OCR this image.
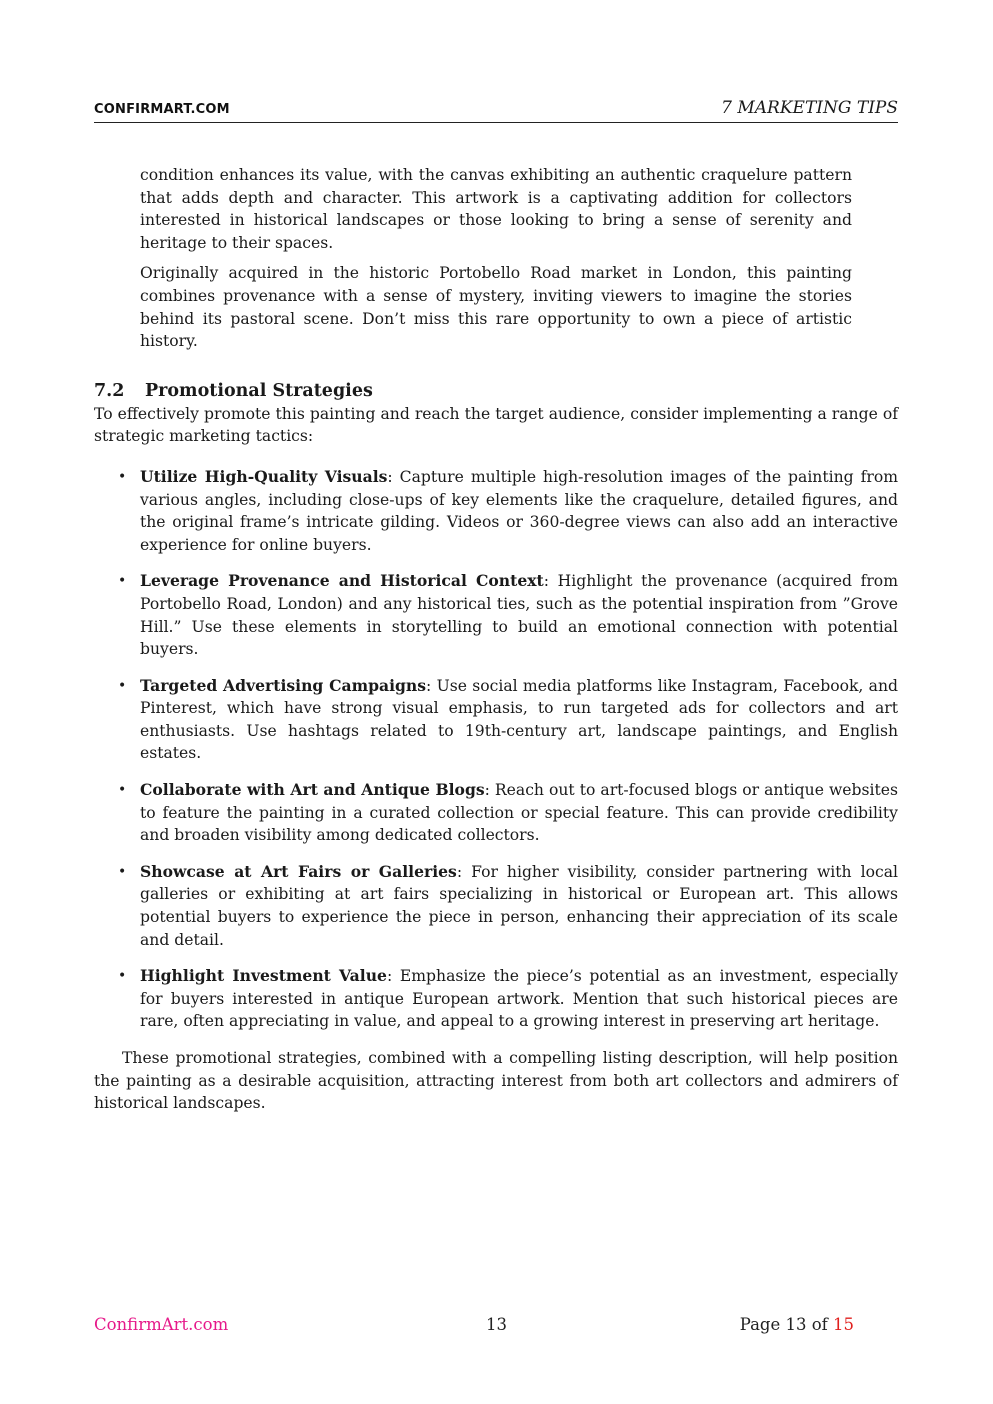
CONFIRMART.COM	7 MARKETING TIPS

condition enhances its value, with the canvas exhibiting an authentic craquelure pattern that adds depth and character. This artwork is a captivating addition for collectors interested in historical landscapes or those looking to bring a sense of serenity and heritage to their spaces.

Originally acquired in the historic Portobello Road market in London, this painting combines provenance with a sense of mystery, inviting viewers to imagine the stories behind its pastoral scene. Don’t miss this rare opportunity to own a piece of artistic history.

7.2 Promotional Strategies

To effectively promote this painting and reach the target audience, consider implementing a range of strategic marketing tactics:

• Utilize High-Quality Visuals: Capture multiple high-resolution images of the painting from various angles, including close-ups of key elements like the craquelure, detailed figures, and the original frame’s intricate gilding. Videos or 360-degree views can also add an interactive experience for online buyers.
• Leverage Provenance and Historical Context: Highlight the provenance (acquired from Portobello Road, London) and any historical ties, such as the potential inspiration from ”Grove Hill.” Use these elements in storytelling to build an emotional connection with potential buyers.
• Targeted Advertising Campaigns: Use social media platforms like Instagram, Facebook, and Pinterest, which have strong visual emphasis, to run targeted ads for collectors and art enthusiasts. Use hashtags related to 19th-century art, landscape paintings, and English estates.
• Collaborate with Art and Antique Blogs: Reach out to art-focused blogs or antique websites to feature the painting in a curated collection or special feature. This can provide credibility and broaden visibility among dedicated collectors.
• Showcase at Art Fairs or Galleries: For higher visibility, consider partnering with local galleries or exhibiting at art fairs specializing in historical or European art. This allows potential buyers to experience the piece in person, enhancing their appreciation of its scale and detail.
• Highlight Investment Value: Emphasize the piece’s potential as an investment, especially for buyers interested in antique European artwork. Mention that such historical pieces are rare, often appreciating in value, and appeal to a growing interest in preserving art heritage.

These promotional strategies, combined with a compelling listing description, will help position the painting as a desirable acquisition, attracting interest from both art collectors and admirers of historical landscapes.

ConfirmArt.com	13	Page 13 of 15
